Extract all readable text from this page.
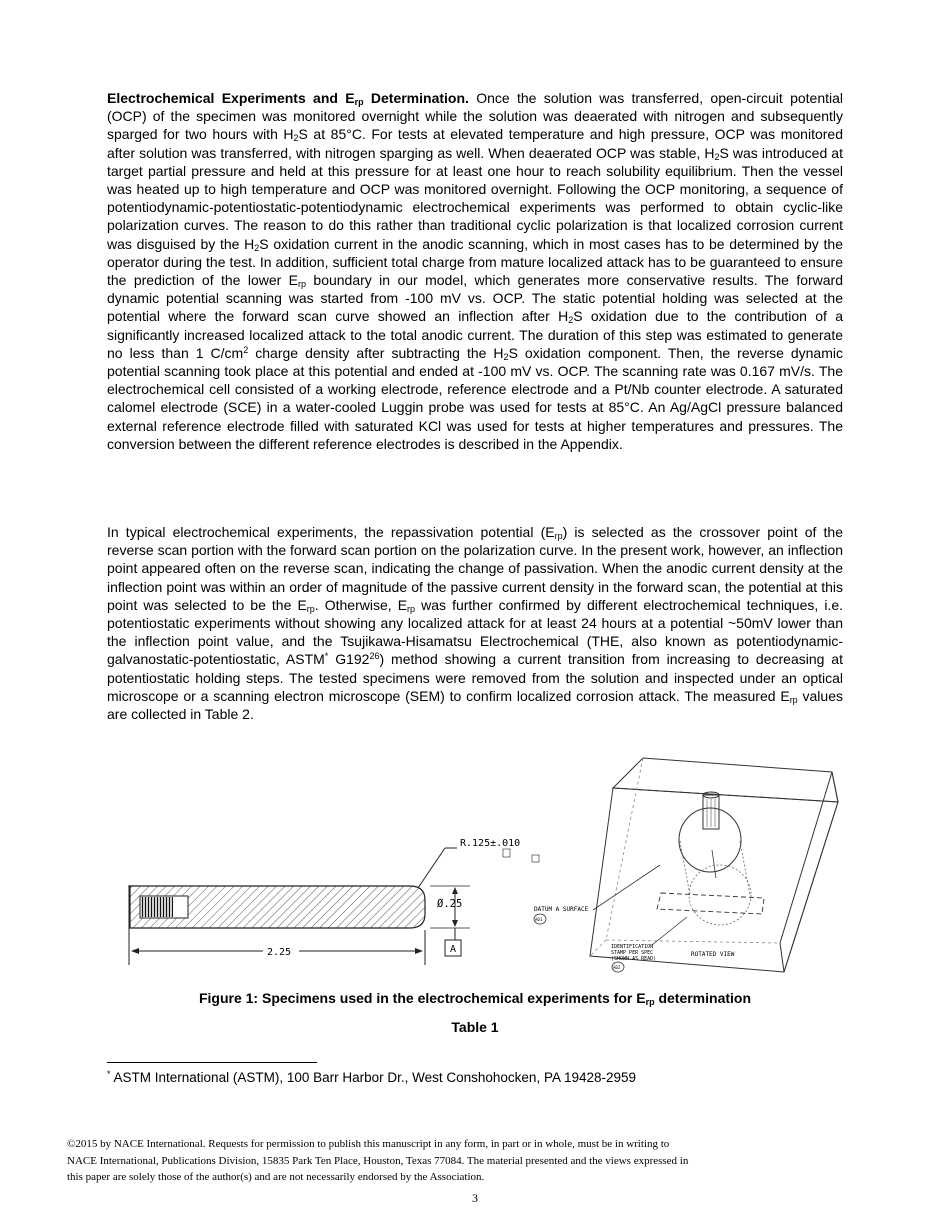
Electrochemical Experiments and $E_{rp}$ Determination. Once the solution was transferred, open-circuit potential (OCP) of the specimen was monitored overnight while the solution was deaerated with nitrogen and subsequently sparged for two hours with $H_2S$ at 85°C. For tests at elevated temperature and high pressure, OCP was monitored after solution was transferred, with nitrogen sparging as well. When deaerated OCP was stable, $H_2S$ was introduced at target partial pressure and held at this pressure for at least one hour to reach solubility equilibrium. Then the vessel was heated up to high temperature and OCP was monitored overnight. Following the OCP monitoring, a sequence of potentiodynamic-potentiostatic-potentiodynamic electrochemical experiments was performed to obtain cyclic-like polarization curves. The reason to do this rather than traditional cyclic polarization is that localized corrosion current was disguised by the $H_2S$ oxidation current in the anodic scanning, which in most cases has to be determined by the operator during the test. In addition, sufficient total charge from mature localized attack has to be guaranteed to ensure the prediction of the lower $E_{rp}$ boundary in our model, which generates more conservative results. The forward dynamic potential scanning was started from -100 mV vs. OCP. The static potential holding was selected at the potential where the forward scan curve showed an inflection after $H_2S$ oxidation due to the contribution of a significantly increased localized attack to the total anodic current. The duration of this step was estimated to generate no less than 1 $C/cm^2$ charge density after subtracting the $H_2S$ oxidation component. Then, the reverse dynamic potential scanning took place at this potential and ended at -100 mV vs. OCP. The scanning rate was 0.167 mV/s. The electrochemical cell consisted of a working electrode, reference electrode and a Pt/Nb counter electrode. A saturated calomel electrode (SCE) in a water-cooled Luggin probe was used for tests at 85°C. An Ag/AgCl pressure balanced external reference electrode filled with saturated KCl was used for tests at higher temperatures and pressures. The conversion between the different reference electrodes is described in the Appendix.
In typical electrochemical experiments, the repassivation potential $(E_{rp})$ is selected as the crossover point of the reverse scan portion with the forward scan portion on the polarization curve. In the present work, however, an inflection point appeared often on the reverse scan, indicating the change of passivation. When the anodic current density at the inflection point was within an order of magnitude of the passive current density in the forward scan, the potential at this point was selected to be the $E_{rp}$. Otherwise, $E_{rp}$ was further confirmed by different electrochemical techniques, i.e. potentiostatic experiments without showing any localized attack for at least 24 hours at a potential ~50mV lower than the inflection point value, and the Tsujikawa-Hisamatsu Electrochemical (THE, also known as potentiodynamic-galvanostatic-potentiostatic, ASTM* $G192^{26}$) method showing a current transition from increasing to decreasing at potentiostatic holding steps. The tested specimens were removed from the solution and inspected under an optical microscope or a scanning electron microscope (SEM) to confirm localized corrosion attack. The measured $E_{rp}$ values are collected in Table 2.
R.125±.010
Ø.25
2.25	A
DATUM A SURFACE
A01
IDENTIFICATION
STAMP PER SPEC
(SHOWN AS READ)
A02
ROTATED VIEW
Figure 1: Specimens used in the electrochemical experiments for $E_{rp}$ determination
Table 1
* ASTM International (ASTM), 100 Barr Harbor Dr., West Conshohocken, PA 19428-2959
©2015 by NACE International. Requests for permission to publish this manuscript in any form, in part or in whole, must be in writing to
NACE International, Publications Division, 15835 Park Ten Place, Houston, Texas 77084. The material presented and the views expressed in
this paper are solely those of the author(s) and are not necessarily endorsed by the Association.
3
